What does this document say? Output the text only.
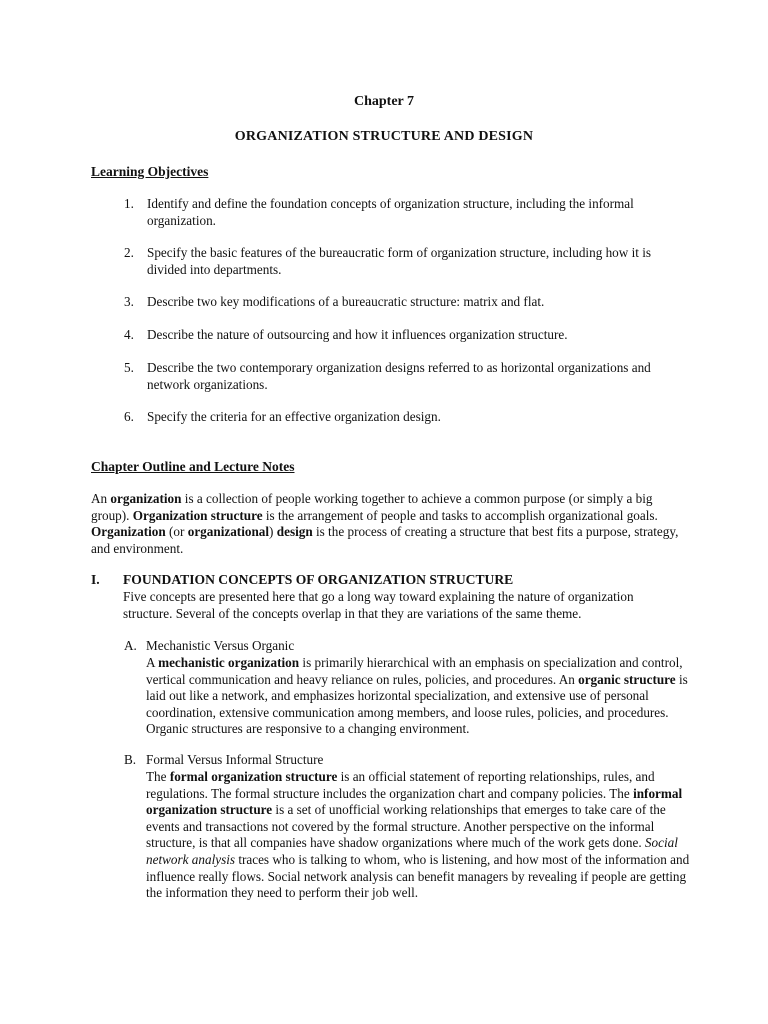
Chapter 7
ORGANIZATION STRUCTURE AND DESIGN
Learning Objectives
1. Identify and define the foundation concepts of organization structure, including the informal organization.
2. Specify the basic features of the bureaucratic form of organization structure, including how it is divided into departments.
3. Describe two key modifications of a bureaucratic structure: matrix and flat.
4. Describe the nature of outsourcing and how it influences organization structure.
5. Describe the two contemporary organization designs referred to as horizontal organizations and network organizations.
6. Specify the criteria for an effective organization design.
Chapter Outline and Lecture Notes
An organization is a collection of people working together to achieve a common purpose (or simply a big group). Organization structure is the arrangement of people and tasks to accomplish organizational goals. Organization (or organizational) design is the process of creating a structure that best fits a purpose, strategy, and environment.
I. FOUNDATION CONCEPTS OF ORGANIZATION STRUCTURE
Five concepts are presented here that go a long way toward explaining the nature of organization structure. Several of the concepts overlap in that they are variations of the same theme.
A. Mechanistic Versus Organic
A mechanistic organization is primarily hierarchical with an emphasis on specialization and control, vertical communication and heavy reliance on rules, policies, and procedures. An organic structure is laid out like a network, and emphasizes horizontal specialization, and extensive use of personal coordination, extensive communication among members, and loose rules, policies, and procedures. Organic structures are responsive to a changing environment.
B. Formal Versus Informal Structure
The formal organization structure is an official statement of reporting relationships, rules, and regulations. The formal structure includes the organization chart and company policies. The informal organization structure is a set of unofficial working relationships that emerges to take care of the events and transactions not covered by the formal structure. Another perspective on the informal structure, is that all companies have shadow organizations where much of the work gets done. Social network analysis traces who is talking to whom, who is listening, and how most of the information and influence really flows. Social network analysis can benefit managers by revealing if people are getting the information they need to perform their job well.
